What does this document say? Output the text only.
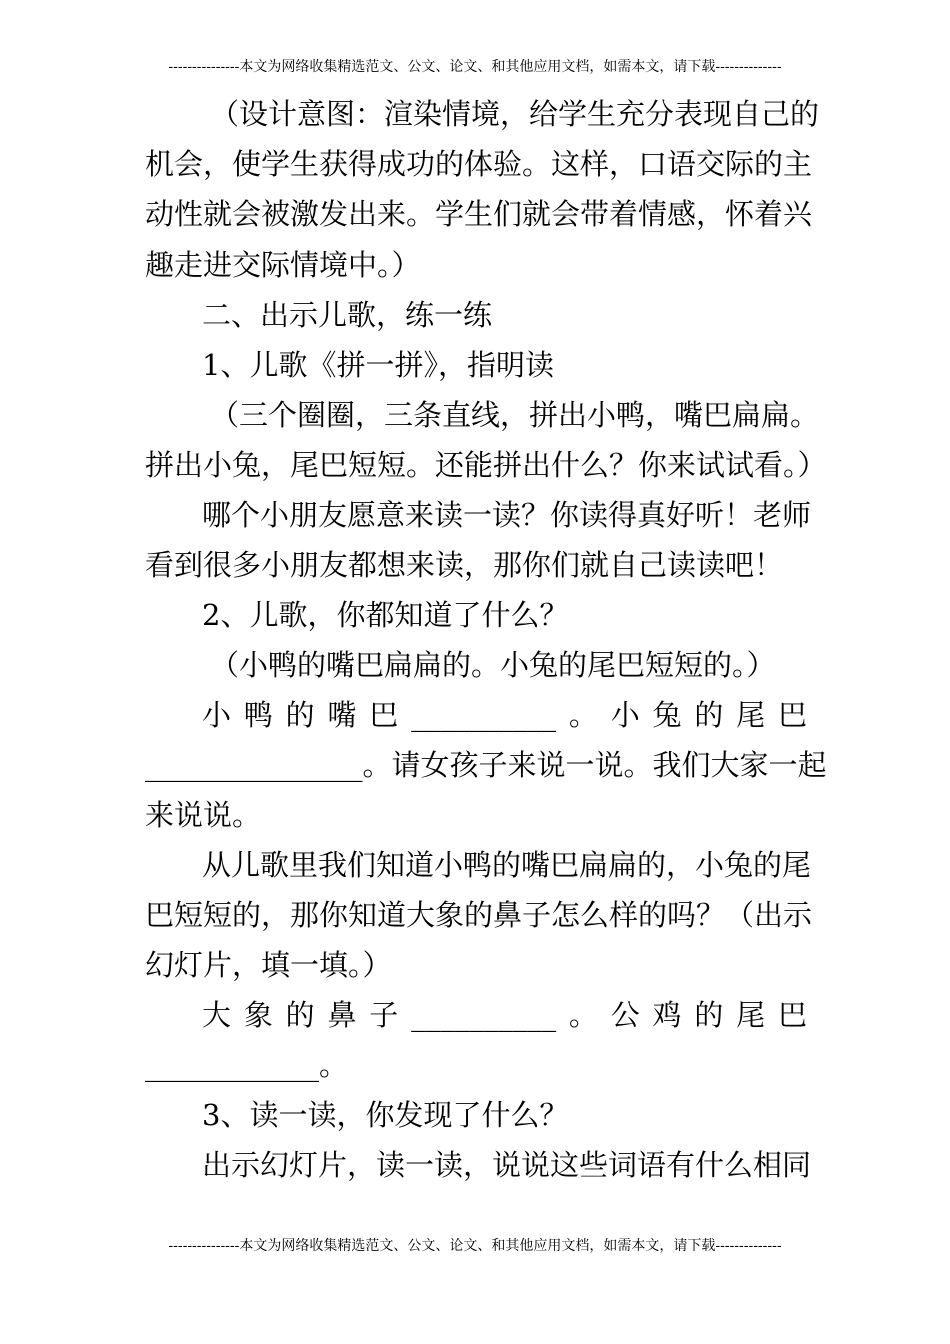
---------------本文为网络收集精选范文、公文、论文、和其他应用文档，如需本文，请下载--------------
（设计意图：渲染情境，给学生充分表现自己的
机会，使学生获得成功的体验。这样，口语交际的主
动性就会被激发出来。学生们就会带着情感，怀着兴
趣走进交际情境中。）
二、出示儿歌，练一练
1、儿歌《拼一拼》，指明读
（三个圈圈，三条直线，拼出小鸭，嘴巴扁扁。
拼出小兔，尾巴短短。还能拼出什么？你来试试看。）
哪个小朋友愿意来读一读？你读得真好听！老师
看到很多小朋友都想来读，那你们就自己读读吧！
2、儿歌，你都知道了什么？
（小鸭的嘴巴扁扁的。小兔的尾巴短短的。）
小鸭的嘴巴__________。小兔的尾巴
_______________。请女孩子来说一说。我们大家一起
来说说。
从儿歌里我们知道小鸭的嘴巴扁扁的，小兔的尾
巴短短的，那你知道大象的鼻子怎么样的吗？（出示
幻灯片，填一填。）
大象的鼻子__________。公鸡的尾巴
____________。
3、读一读，你发现了什么？
出示幻灯片，读一读，说说这些词语有什么相同
---------------本文为网络收集精选范文、公文、论文、和其他应用文档，如需本文，请下载--------------
